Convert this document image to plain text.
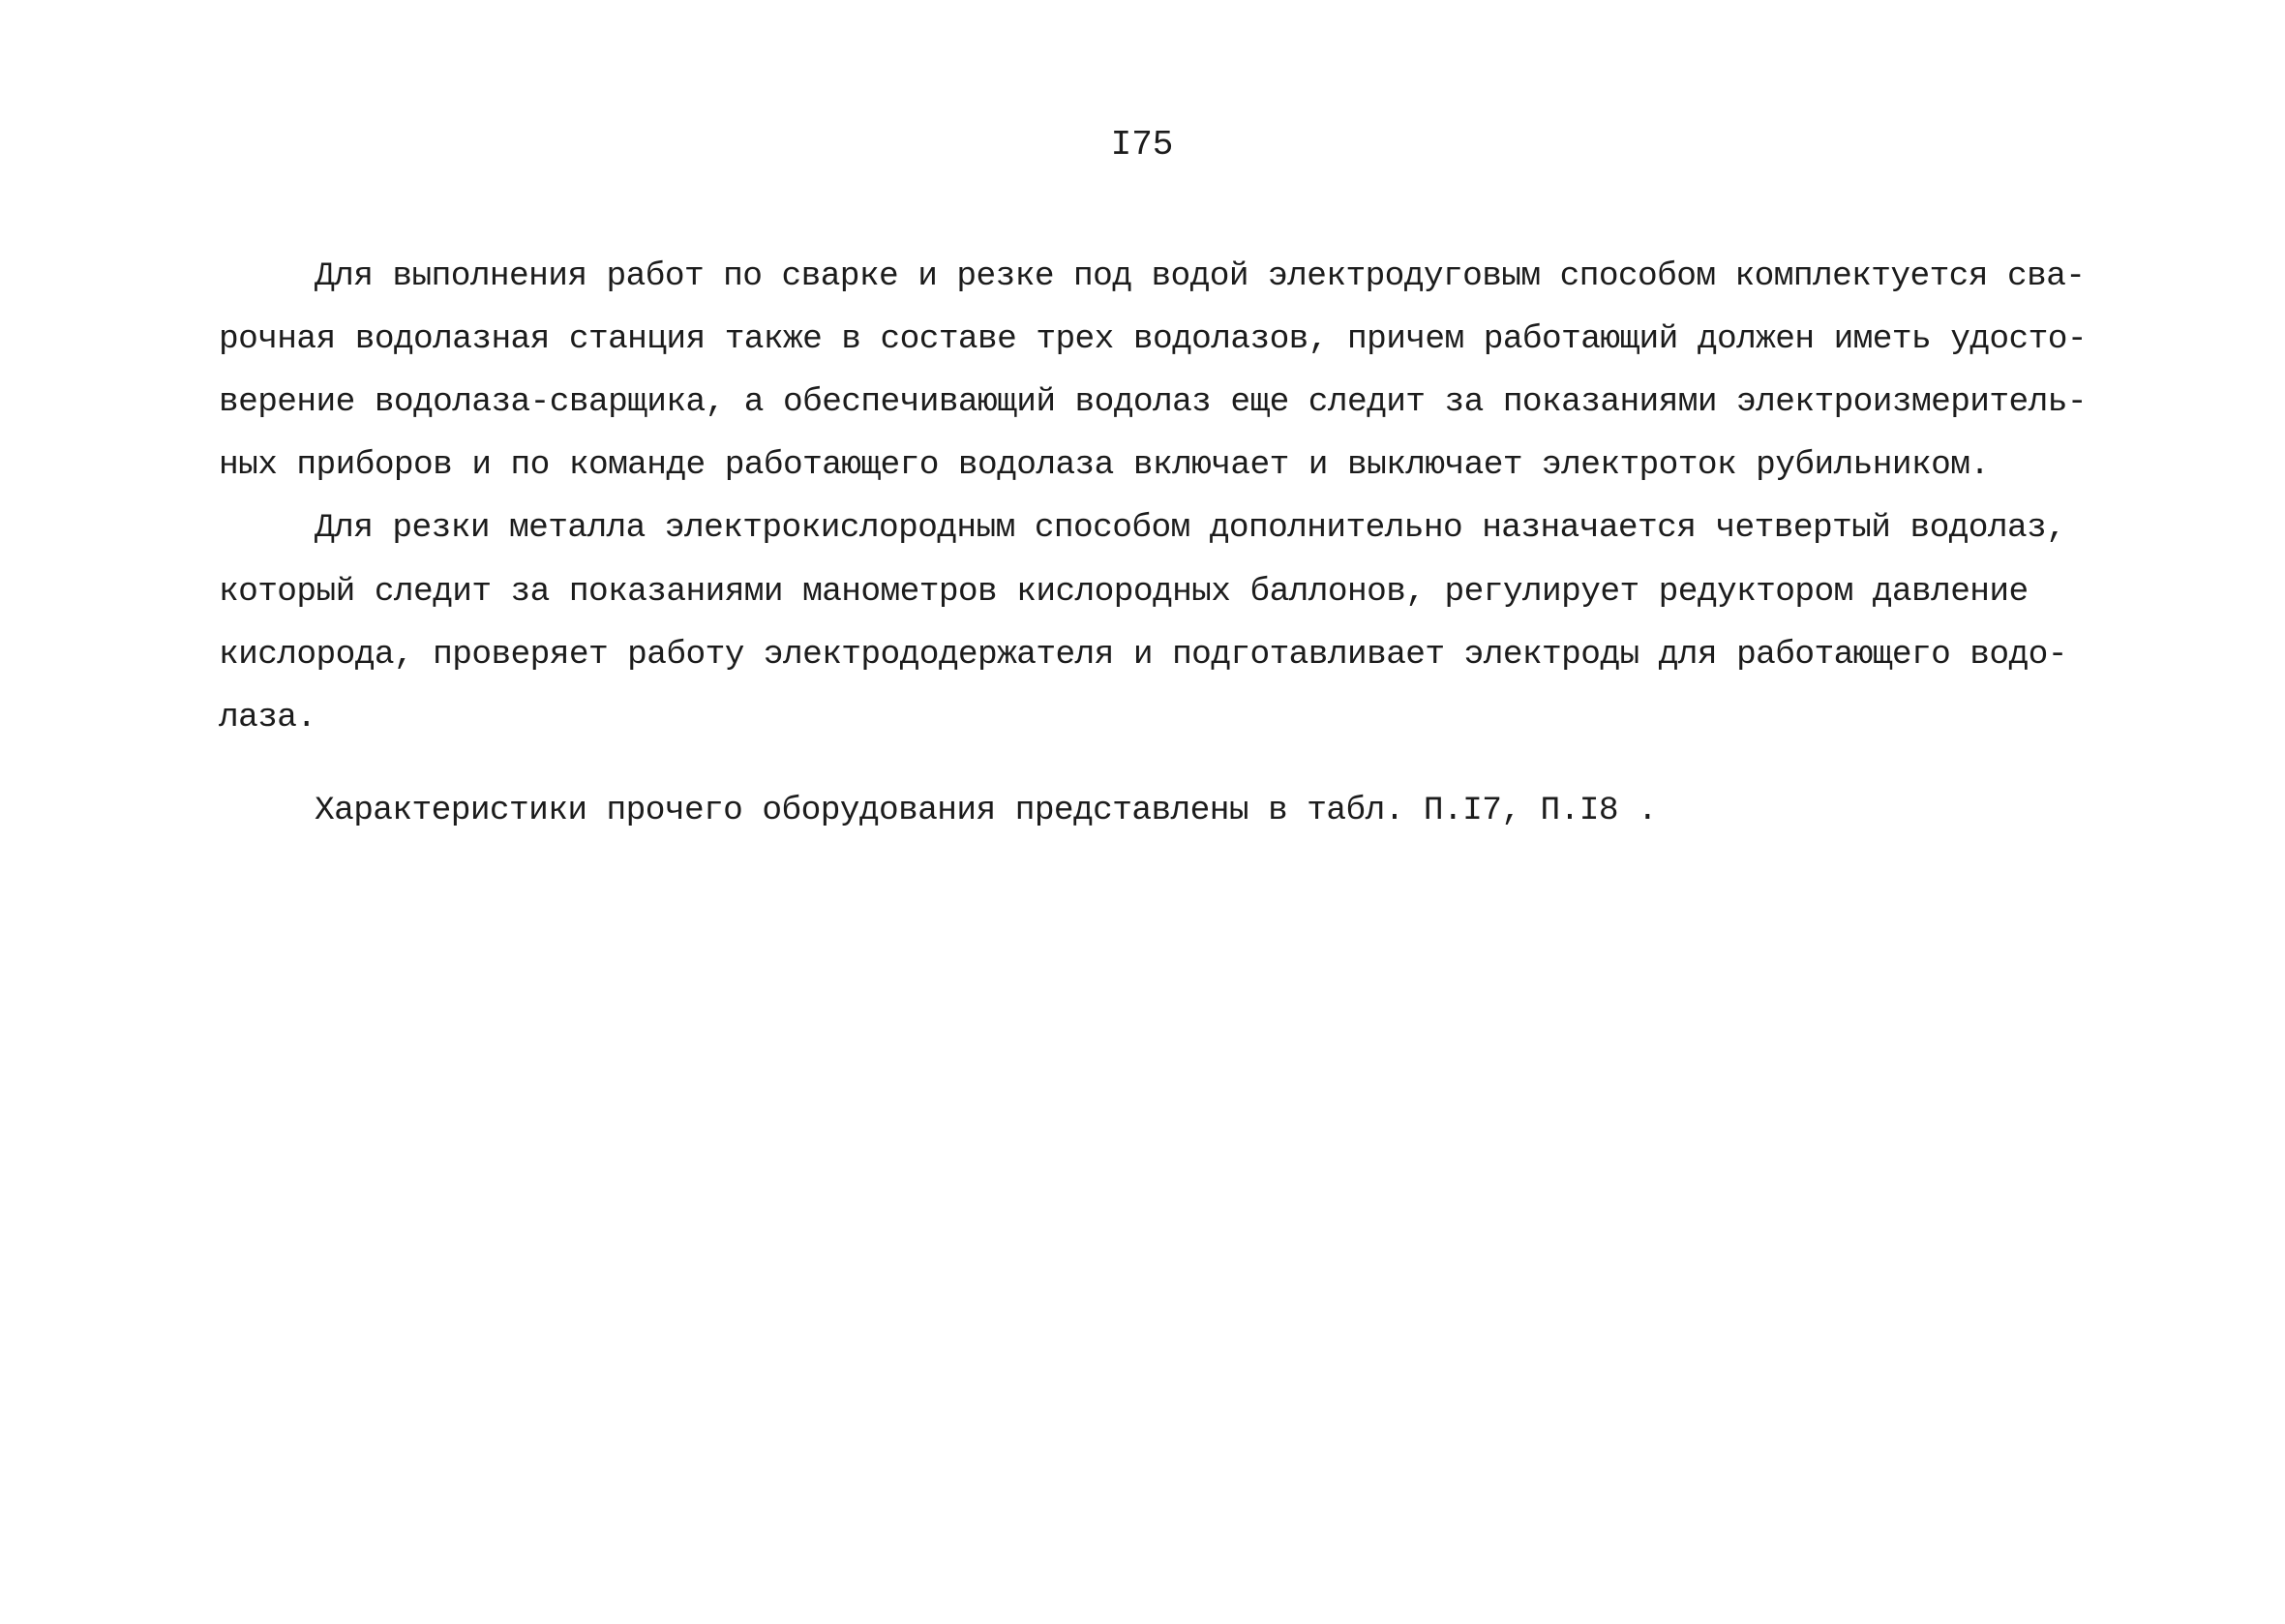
I75
Для выполнения работ по сварке и резке под водой электродуговым способом комплектуется сва-
рочная водолазная станция также в составе трех водолазов, причем работающий должен иметь удосто-
верение водолаза-сварщика, а обеспечивающий водолаз еще следит за показаниями электроизмеритель-
ных приборов и по команде работающего водолаза включает и выключает электроток рубильником.
Для резки металла электрокислородным способом дополнительно назначается четвертый водолаз,
который следит за показаниями манометров кислородных баллонов, регулирует редуктором давление
кислорода, проверяет работу электрододержателя и подготавливает электроды для работающего водо-
лаза.
Характеристики прочего оборудования представлены в табл. П.I7, П.I8 .
